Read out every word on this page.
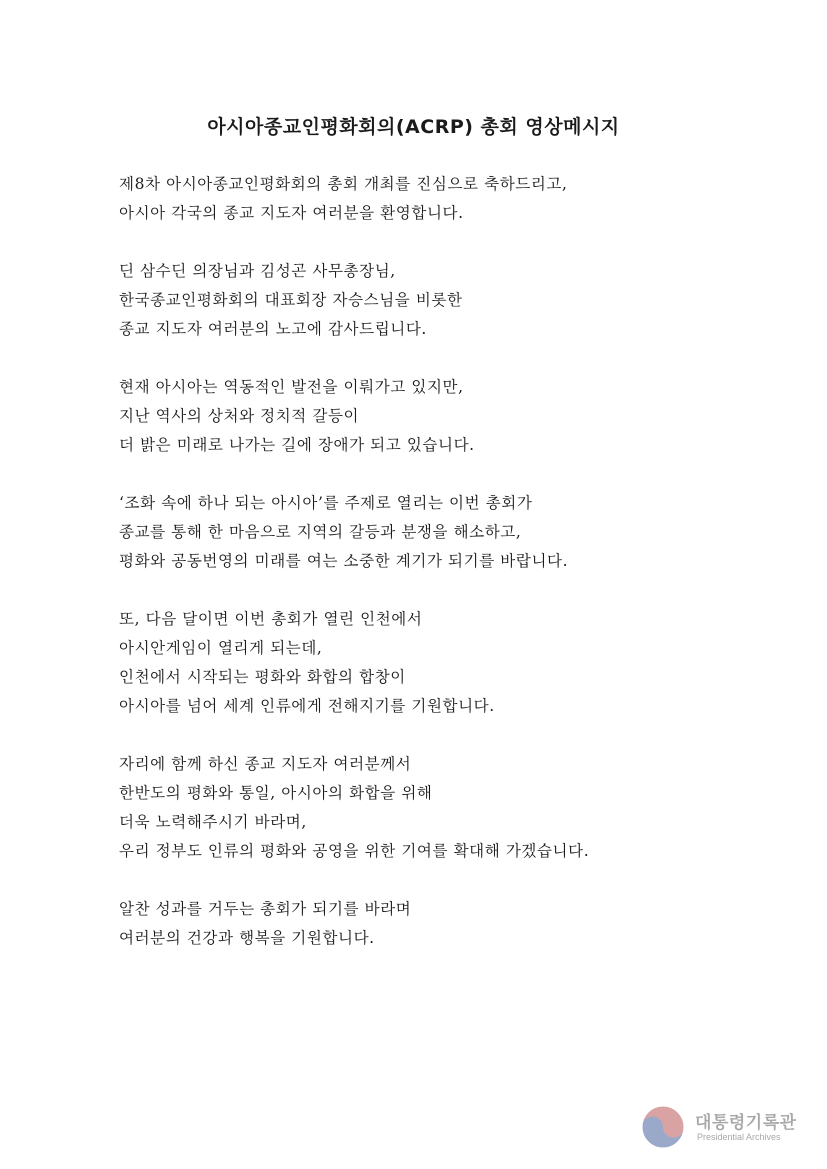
아시아종교인평화회의(ACRP) 총회 영상메시지

제8차 아시아종교인평화회의 총회 개최를 진심으로 축하드리고,
아시아 각국의 종교 지도자 여러분을 환영합니다.

딘 삼수딘 의장님과 김성곤 사무총장님,
한국종교인평화회의 대표회장 자승스님을 비롯한
종교 지도자 여러분의 노고에 감사드립니다.

현재 아시아는 역동적인 발전을 이뤄가고 있지만,
지난 역사의 상처와 정치적 갈등이
더 밝은 미래로 나가는 길에 장애가 되고 있습니다.

‘조화 속에 하나 되는 아시아’를 주제로 열리는 이번 총회가
종교를 통해 한 마음으로 지역의 갈등과 분쟁을 해소하고,
평화와 공동번영의 미래를 여는 소중한 계기가 되기를 바랍니다.

또, 다음 달이면 이번 총회가 열린 인천에서
아시안게임이 열리게 되는데,
인천에서 시작되는 평화와 화합의 합창이
아시아를 넘어 세계 인류에게 전해지기를 기원합니다.

자리에 함께 하신 종교 지도자 여러분께서
한반도의 평화와 통일, 아시아의 화합을 위해
더욱 노력해주시기 바라며,
우리 정부도 인류의 평화와 공영을 위한 기여를 확대해 가겠습니다.

알찬 성과를 거두는 총회가 되기를 바라며
여러분의 건강과 행복을 기원합니다.

대통령기록관
Presidential Archives
